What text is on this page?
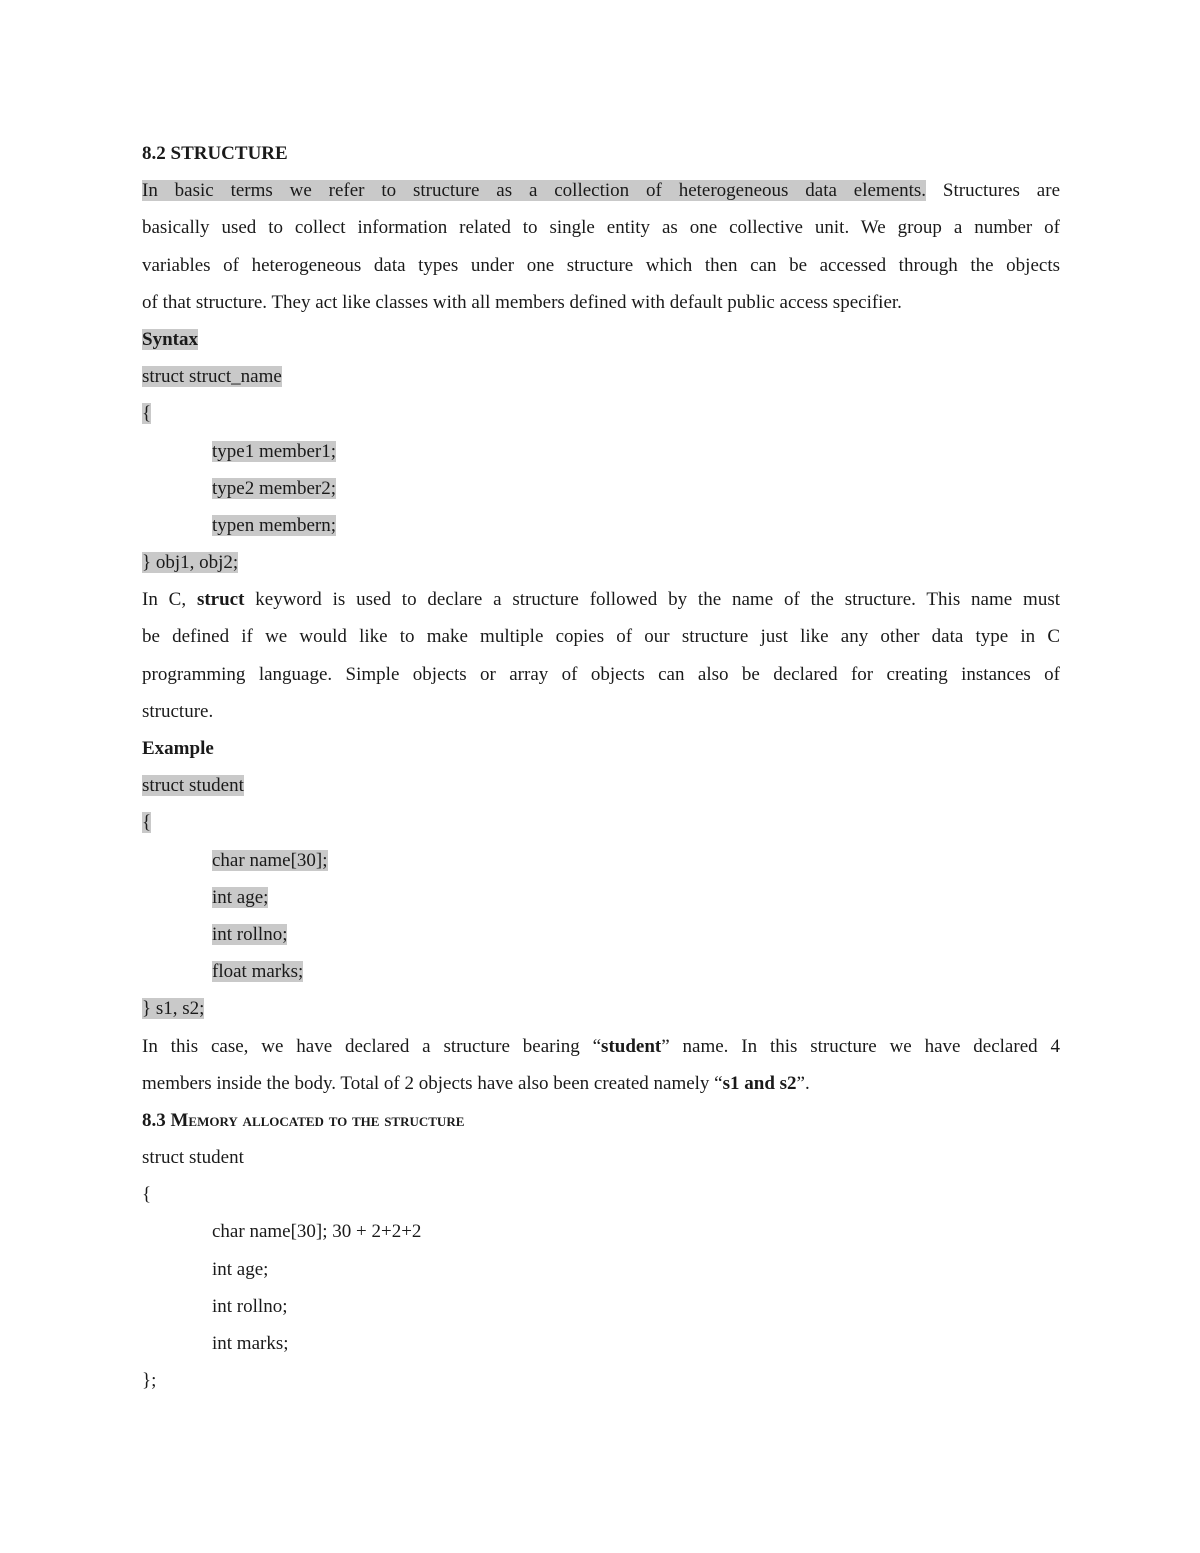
8.2 STRUCTURE
In basic terms we refer to structure as a collection of heterogeneous data elements. Structures are
basically used to collect information related to single entity as one collective unit. We group a number of
variables of heterogeneous data types under one structure which then can be accessed through the objects
of that structure. They act like classes with all members defined with default public access specifier.
Syntax
struct struct_name
{
type1 member1;
type2 member2;
typen membern;
} obj1, obj2;
In C, struct keyword is used to declare a structure followed by the name of the structure. This name must
be defined if we would like to make multiple copies of our structure just like any other data type in C
programming language. Simple objects or array of objects can also be declared for creating instances of
structure.
Example
struct student
{
char name[30];
int age;
int rollno;
float marks;
} s1, s2;
In this case, we have declared a structure bearing “student” name. In this structure we have declared 4
members inside the body. Total of 2 objects have also been created namely “s1 and s2”.
8.3 Memory allocated to the structure
struct student
{
char name[30]; 30 + 2+2+2
int age;
int rollno;
int marks;
};
